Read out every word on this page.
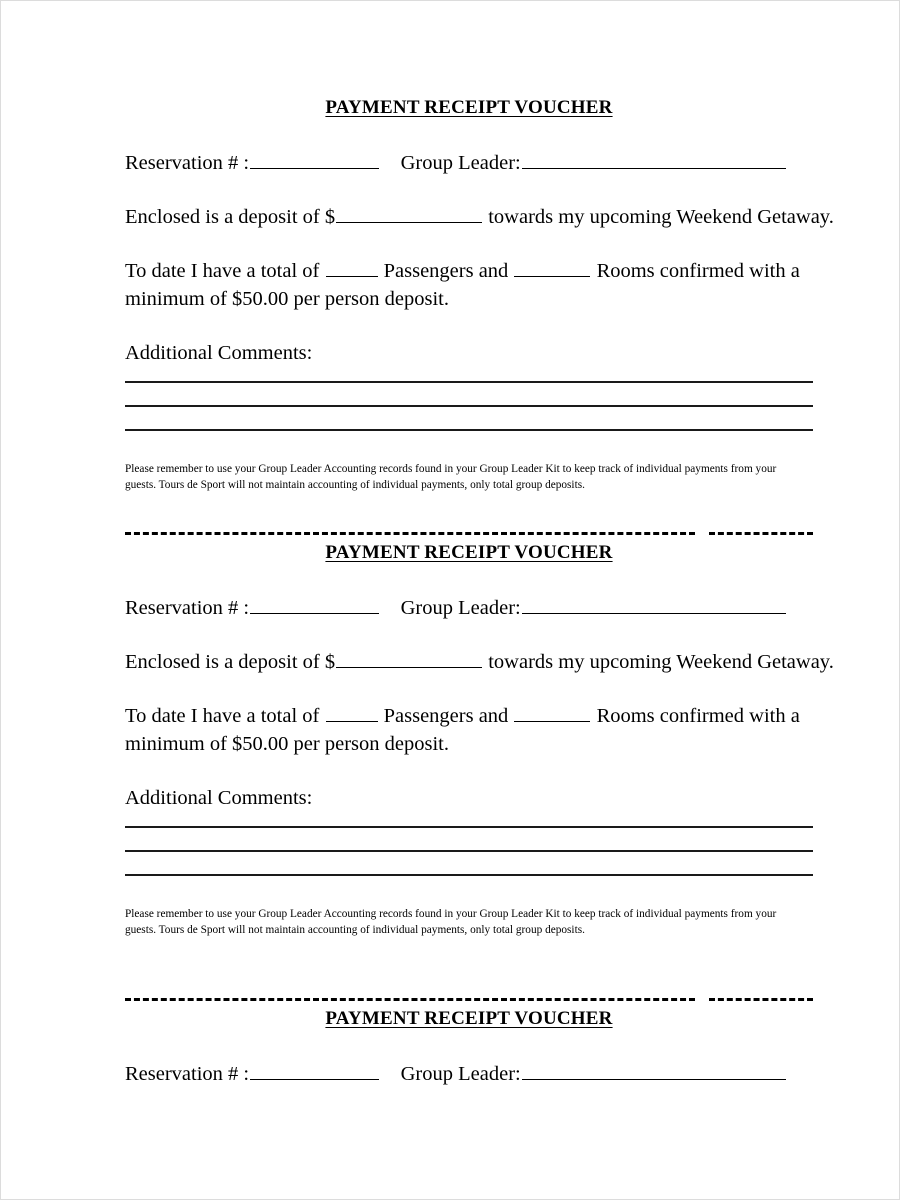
PAYMENT RECEIPT VOUCHER
Reservation # :	Group Leader:
Enclosed is a deposit of $	towards my upcoming Weekend Getaway.
To date I have a total of	Passengers and	Rooms confirmed with a
minimum of $50.00 per person deposit.
Additional Comments:

Please remember to use your Group Leader Accounting records found in your Group Leader Kit to keep track of individual payments from your guests. Tours de Sport will not maintain accounting of individual payments, only total group deposits.

PAYMENT RECEIPT VOUCHER
Reservation # :	Group Leader:
Enclosed is a deposit of $	towards my upcoming Weekend Getaway.
To date I have a total of	Passengers and	Rooms confirmed with a
minimum of $50.00 per person deposit.
Additional Comments:

Please remember to use your Group Leader Accounting records found in your Group Leader Kit to keep track of individual payments from your guests. Tours de Sport will not maintain accounting of individual payments, only total group deposits.

PAYMENT RECEIPT VOUCHER
Reservation # :	Group Leader:
